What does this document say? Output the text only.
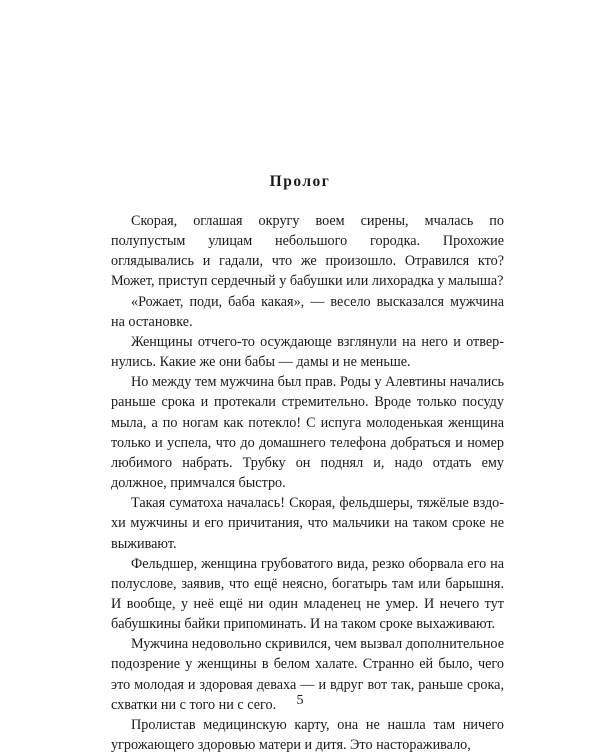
Пролог

Скорая, оглашая округу воем сирены, мчалась по полупустым улицам небольшого городка. Прохожие оглядывались и гадали, что же произошло. Отравился кто? Может, приступ сердечный у бабушки или лихорадка у малыша?

«Рожает, поди, баба какая», — весело высказался мужчина на остановке.

Женщины отчего-то осуждающе взглянули на него и отвернулись. Какие же они бабы — дамы и не меньше.

Но между тем мужчина был прав. Роды у Алевтины начались раньше срока и протекали стремительно. Вроде только посуду мыла, а по ногам как потекло! С испуга молоденькая женщина только и успела, что до домашнего телефона добраться и номер любимого набрать. Трубку он поднял и, надо отдать ему должное, примчался быстро.

Такая суматоха началась! Скорая, фельдшеры, тяжёлые вздохи мужчины и его причитания, что мальчики на таком сроке не выживают.

Фельдшер, женщина грубоватого вида, резко оборвала его на полуслове, заявив, что ещё неясно, богатырь там или барышня. И вообще, у неё ещё ни один младенец не умер. И нечего тут бабушкины байки припоминать. И на таком сроке выхаживают.

Мужчина недовольно скривился, чем вызвал дополнительное подозрение у женщины в белом халате. Странно ей было, чего это молодая и здоровая деваха — и вдруг вот так, раньше срока, схватки ни с того ни с сего.

Пролистав медицинскую карту, она не нашла там ничего угрожающего здоровью матери и дитя. Это настораживало,

5
